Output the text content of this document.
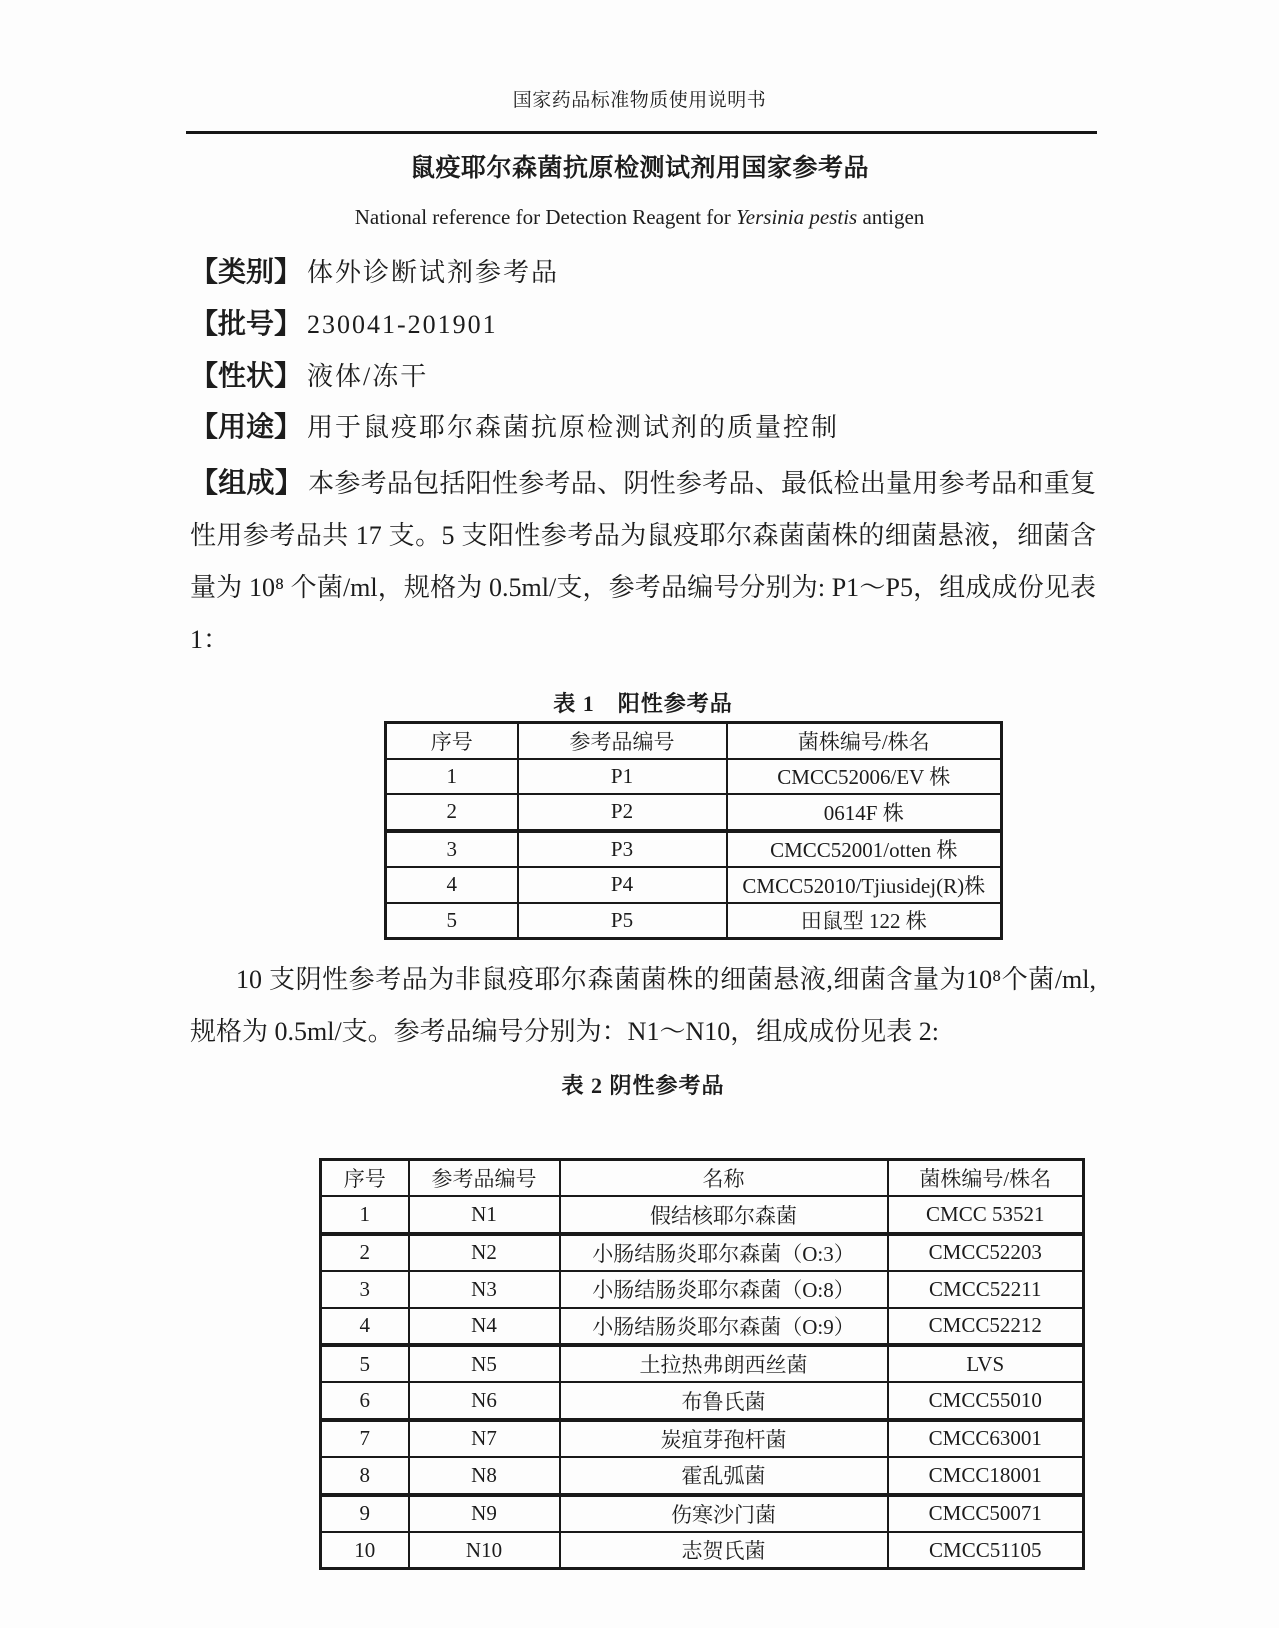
国家药品标准物质使用说明书
鼠疫耶尔森菌抗原检测试剂用国家参考品
National reference for Detection Reagent for Yersinia pestis antigen
【类别】 体外诊断试剂参考品
【批号】 230041-201901
【性状】 液体/冻干
【用途】 用于鼠疫耶尔森菌抗原检测试剂的质量控制
【组成】 本参考品包括阳性参考品、阴性参考品、最低检出量用参考品和重复
性用参考品共 17 支。5 支阳性参考品为鼠疫耶尔森菌菌株的细菌悬液，细菌含
量为 10⁸ 个菌/ml，规格为 0.5ml/支，参考品编号分别为: P1～P5，组成成份见表
1：
表 1　阳性参考品
序号	参考品编号	菌株编号/株名
1	P1	CMCC52006/EV 株
2	P2	0614F 株
3	P3	CMCC52001/otten 株
4	P4	CMCC52010/Tjiusidej(R)株
5	P5	田鼠型 122 株
10 支阴性参考品为非鼠疫耶尔森菌菌株的细菌悬液,细菌含量为10⁸个菌/ml,
规格为 0.5ml/支。参考品编号分别为：N1～N10，组成成份见表 2:
表 2 阴性参考品
序号	参考品编号	名称	菌株编号/株名
1	N1	假结核耶尔森菌	CMCC 53521
2	N2	小肠结肠炎耶尔森菌（O:3）	CMCC52203
3	N3	小肠结肠炎耶尔森菌（O:8）	CMCC52211
4	N4	小肠结肠炎耶尔森菌（O:9）	CMCC52212
5	N5	土拉热弗朗西丝菌	LVS
6	N6	布鲁氏菌	CMCC55010
7	N7	炭疽芽孢杆菌	CMCC63001
8	N8	霍乱弧菌	CMCC18001
9	N9	伤寒沙门菌	CMCC50071
10	N10	志贺氏菌	CMCC51105
